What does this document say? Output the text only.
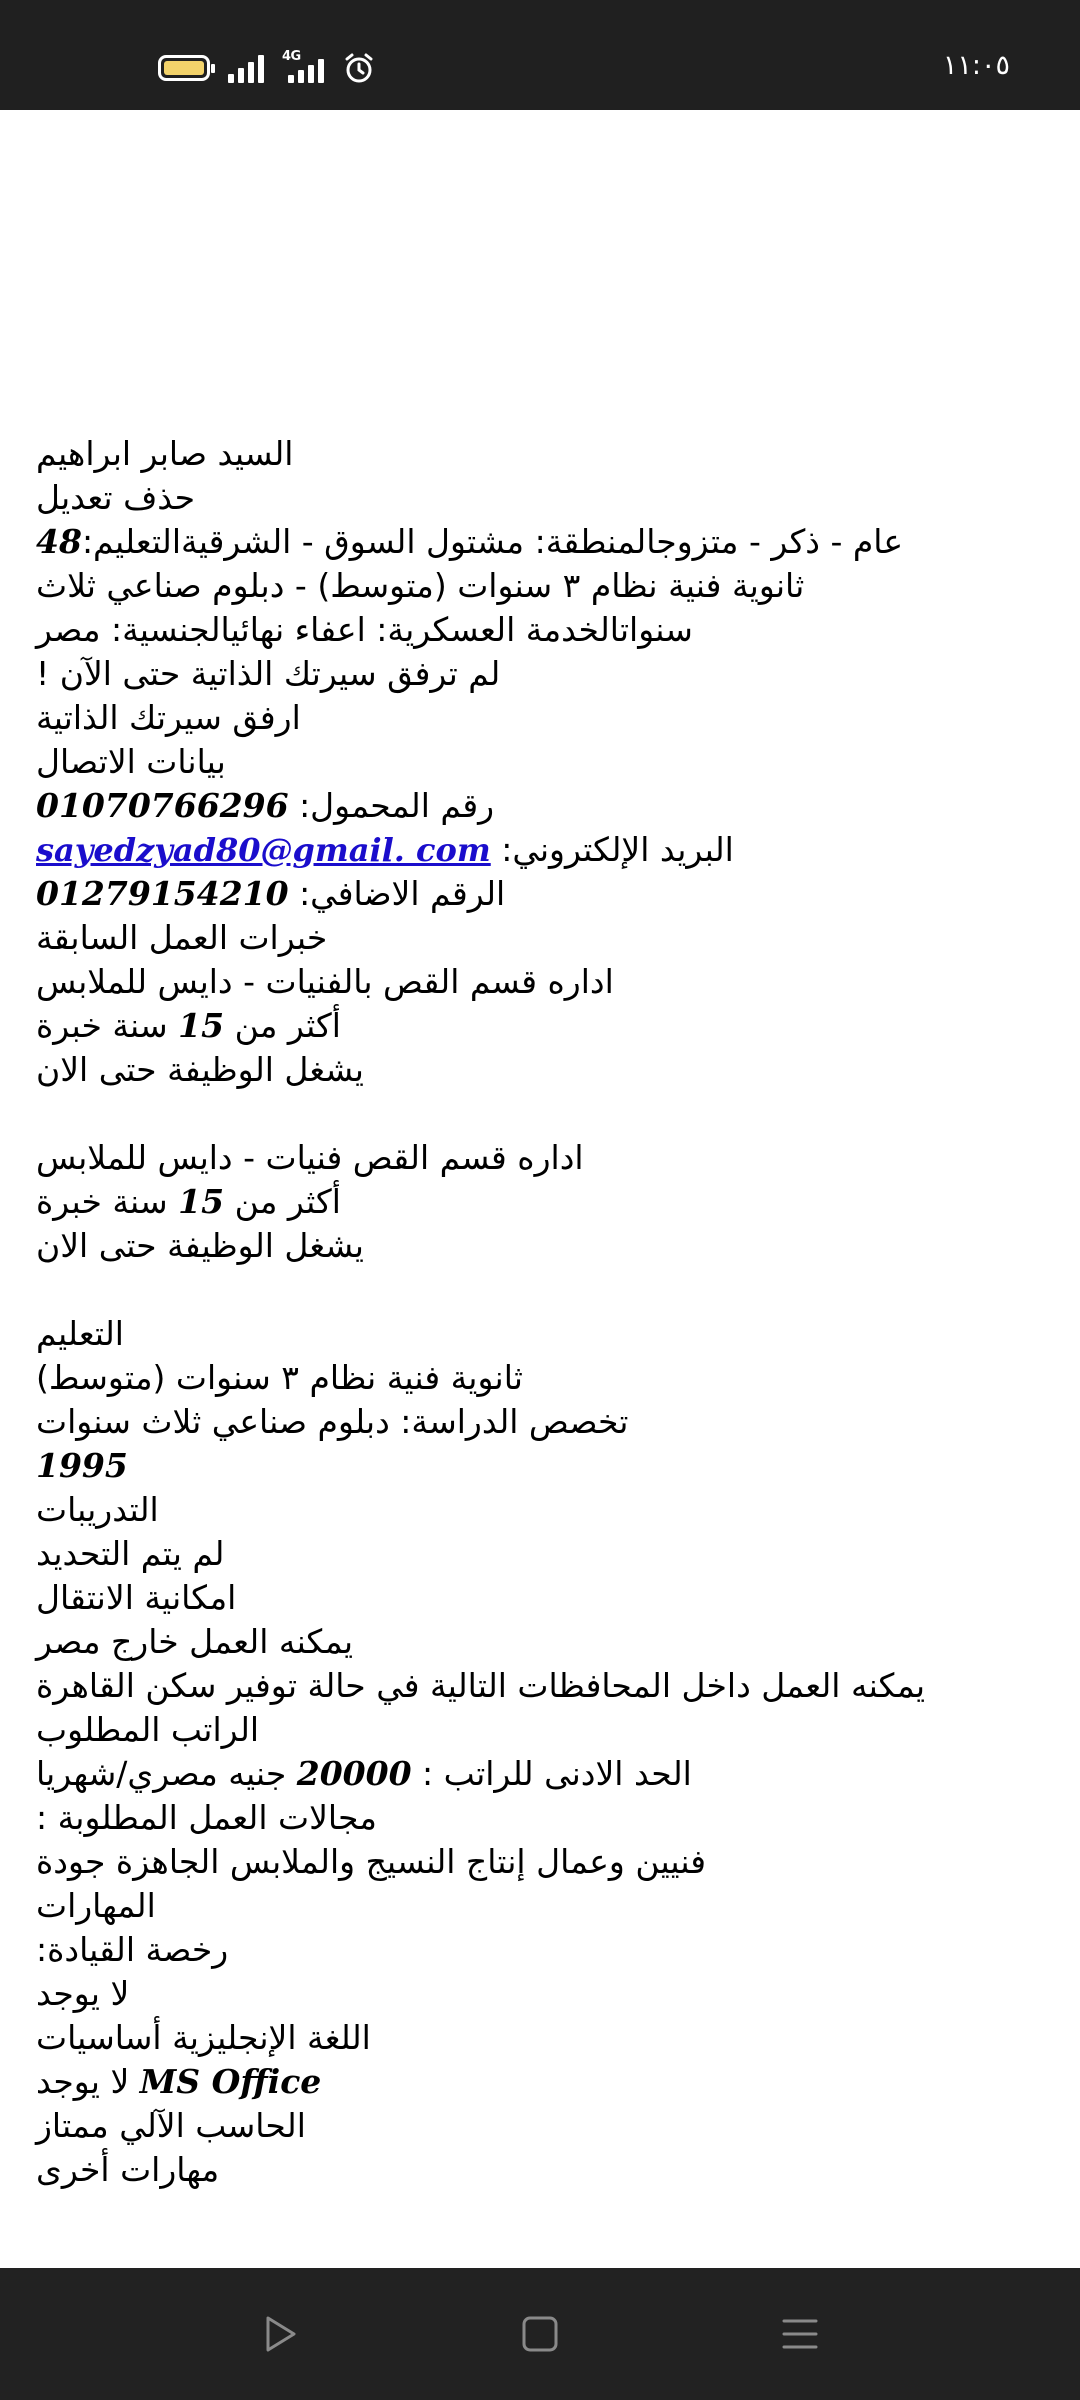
4G	١١:٠٥
السيد صابر ابراهيم
حذف تعديل
عام - ذكر - متزوجالمنطقة: مشتول السوق - الشرقيةالتعليم:48
ثانوية فنية نظام ٣ سنوات (متوسط) - دبلوم صناعي ثلاث
سنواتالخدمة العسكرية: اعفاء نهائيالجنسية: مصر
لم ترفق سيرتك الذاتية حتى الآن !
ارفق سيرتك الذاتية
بيانات الاتصال
رقم المحمول: 01070766296
البريد الإلكتروني: sayedzyad80@gmail. com
الرقم الاضافي: 01279154210
خبرات العمل السابقة
اداره قسم القص بالفنيات - دايس للملابس
أكثر من 15 سنة خبرة
يشغل الوظيفة حتى الان
اداره قسم القص فنيات - دايس للملابس
أكثر من 15 سنة خبرة
يشغل الوظيفة حتى الان
التعليم
ثانوية فنية نظام ٣ سنوات (متوسط)
تخصص الدراسة: دبلوم صناعي ثلاث سنوات
1995
التدريبات
لم يتم التحديد
امكانية الانتقال
يمكنه العمل خارج مصر
يمكنه العمل داخل المحافظات التالية في حالة توفير سكن القاهرة
الراتب المطلوب
الحد الادنى للراتب : 20000 جنيه مصري/شهريا
مجالات العمل المطلوبة :
فنيين وعمال إنتاج النسيج والملابس الجاهزة جودة
المهارات
رخصة القيادة:
لا يوجد
اللغة الإنجليزية أساسيات
MS Office لا يوجد
الحاسب الآلي ممتاز
مهارات أخرى
